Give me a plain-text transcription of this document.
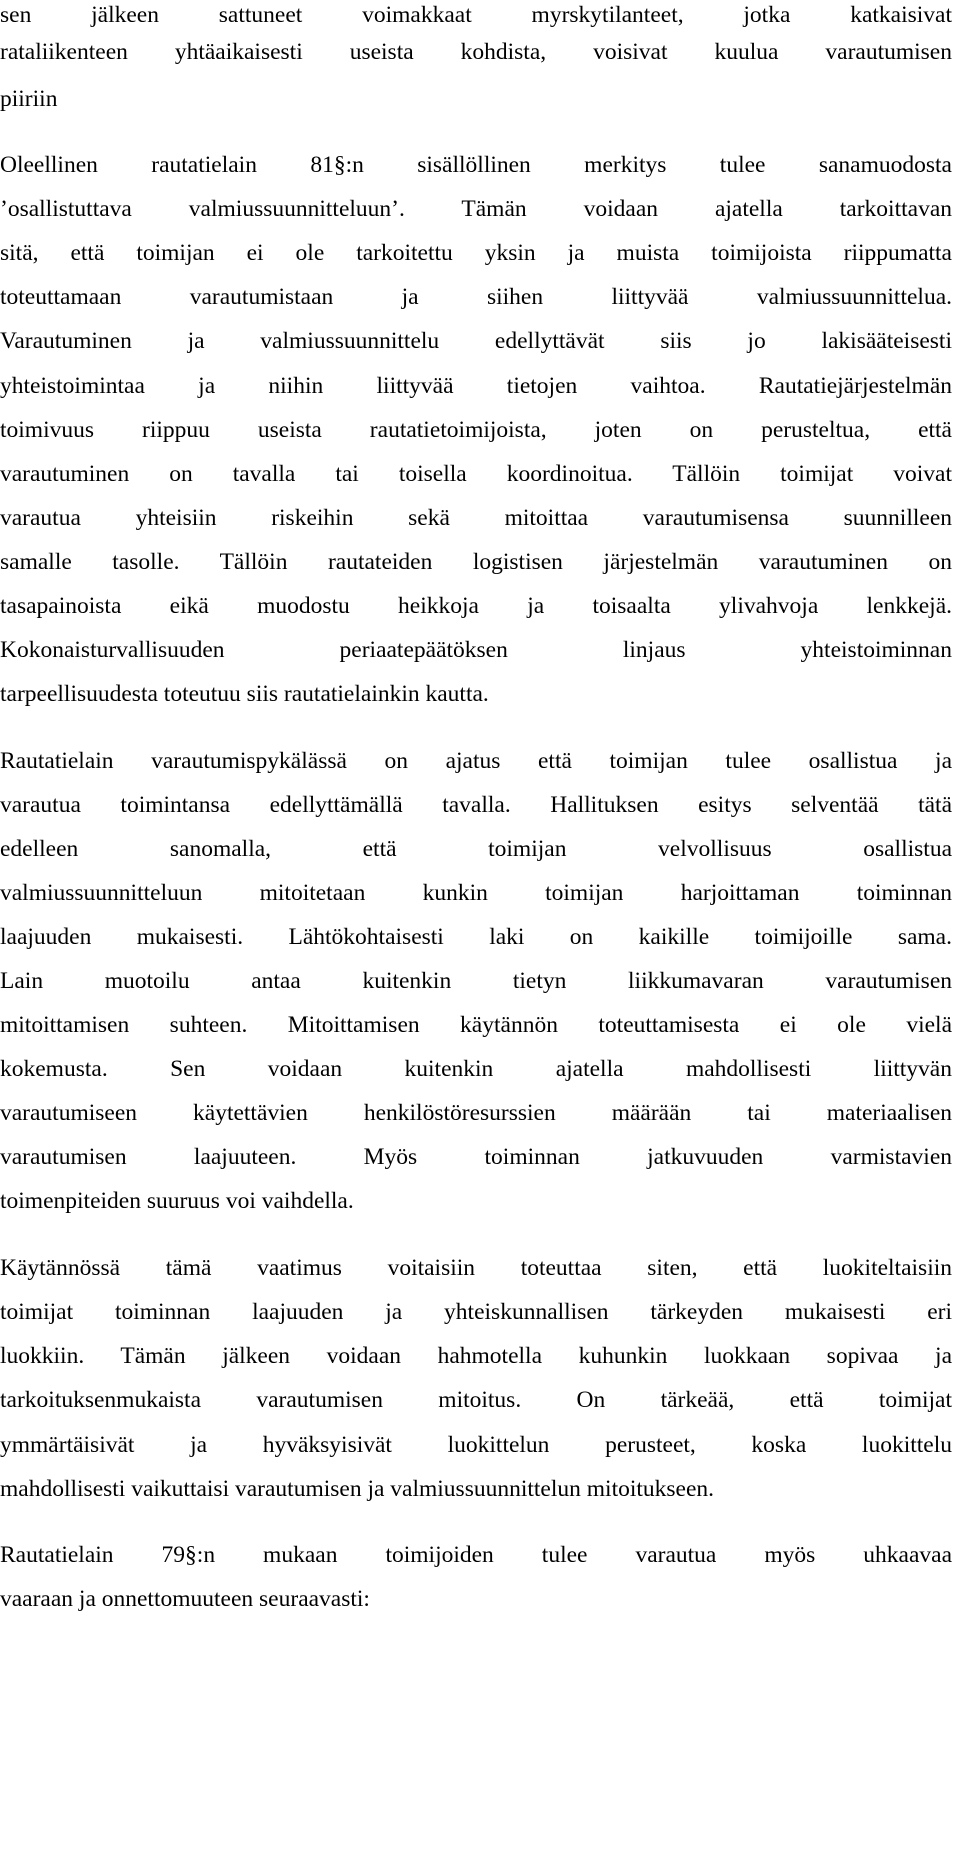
sen jälkeen sattuneet voimakkaat myrskytilanteet, jotka katkaisivat
rataliikenteen yhtäaikaisesti useista kohdista, voisivat kuulua varautumisen
piiriin
Oleellinen rautatielain 81§:n sisällöllinen merkitys tulee sanamuodosta
’osallistuttava valmiussuunnitteluun’. Tämän voidaan ajatella tarkoittavan
sitä, että toimijan ei ole tarkoitettu yksin ja muista toimijoista riippumatta
toteuttamaan varautumistaan ja siihen liittyvää valmiussuunnittelua.
Varautuminen ja valmiussuunnittelu edellyttävät siis jo lakisääteisesti
yhteistoimintaa ja niihin liittyvää tietojen vaihtoa. Rautatiejärjestelmän
toimivuus riippuu useista rautatietoimijoista, joten on perusteltua, että
varautuminen on tavalla tai toisella koordinoitua. Tällöin toimijat voivat
varautua yhteisiin riskeihin sekä mitoittaa varautumisensa suunnilleen
samalle tasolle. Tällöin rautateiden logistisen järjestelmän varautuminen on
tasapainoista eikä muodostu heikkoja ja toisaalta ylivahvoja lenkkejä.
Kokonaisturvallisuuden periaatepäätöksen linjaus yhteistoiminnan
tarpeellisuudesta toteutuu siis rautatielainkin kautta.
Rautatielain varautumispykälässä on ajatus että toimijan tulee osallistua ja
varautua toimintansa edellyttämällä tavalla. Hallituksen esitys selventää tätä
edelleen sanomalla, että toimijan velvollisuus osallistua
valmiussuunnitteluun mitoitetaan kunkin toimijan harjoittaman toiminnan
laajuuden mukaisesti. Lähtökohtaisesti laki on kaikille toimijoille sama.
Lain muotoilu antaa kuitenkin tietyn liikkumavaran varautumisen
mitoittamisen suhteen. Mitoittamisen käytännön toteuttamisesta ei ole vielä
kokemusta. Sen voidaan kuitenkin ajatella mahdollisesti liittyvän
varautumiseen käytettävien henkilöstöresurssien määrään tai materiaalisen
varautumisen laajuuteen. Myös toiminnan jatkuvuuden varmistavien
toimenpiteiden suuruus voi vaihdella.
Käytännössä tämä vaatimus voitaisiin toteuttaa siten, että luokiteltaisiin
toimijat toiminnan laajuuden ja yhteiskunnallisen tärkeyden mukaisesti eri
luokkiin. Tämän jälkeen voidaan hahmotella kuhunkin luokkaan sopivaa ja
tarkoituksenmukaista varautumisen mitoitus. On tärkeää, että toimijat
ymmärtäisivät ja hyväksyisivät luokittelun perusteet, koska luokittelu
mahdollisesti vaikuttaisi varautumisen ja valmiussuunnittelun mitoitukseen.
Rautatielain 79§:n mukaan toimijoiden tulee varautua myös uhkaavaa
vaaraan ja onnettomuuteen seuraavasti:
